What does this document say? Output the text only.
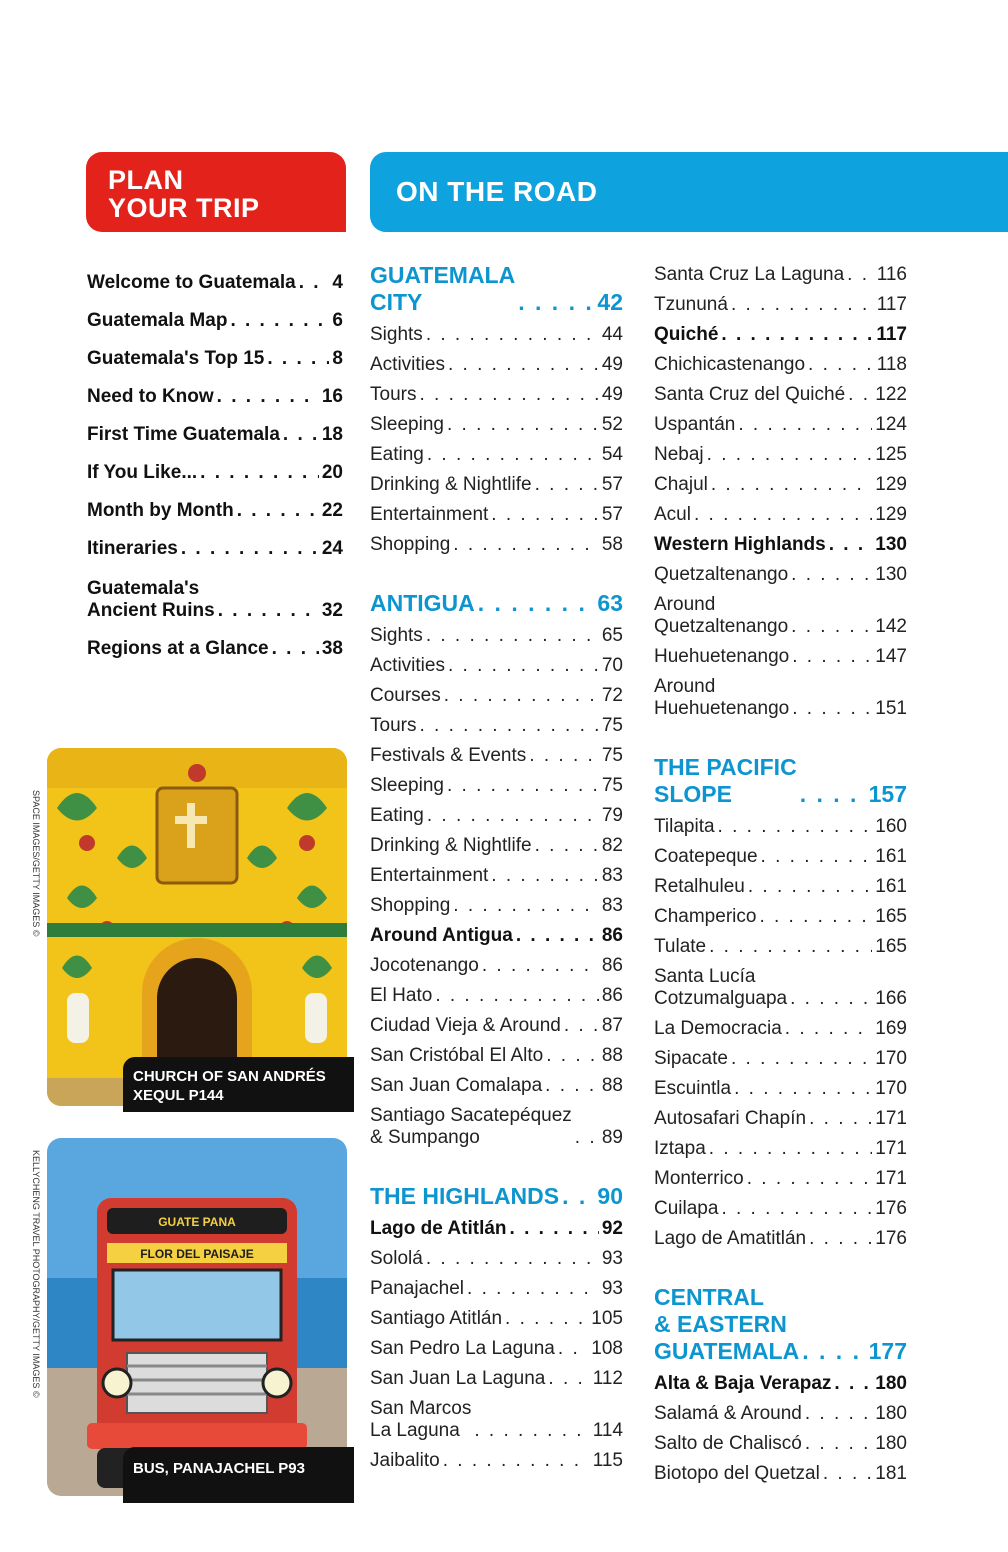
PLAN
YOUR TRIP
ON THE ROAD
Welcome to Guatemala . . . 4
Guatemala Map . . .	6
Guatemala's Top 15 . . .	8
Need to Know . . .	16
First Time Guatemala . . . 18
If You Like... . . .	20
Month by Month . . .	22
Itineraries . . .	24
Guatemala's
Ancient Ruins . . .	32
Regions at a Glance . . .	38
GUATEMALA
CITY . . .	42
Sights . . .	44
Activities . . .	49
Tours . . .	49
Sleeping . . .	52
Eating . . .	54
Drinking & Nightlife . . .	57
Entertainment . . .	57
Shopping . . .	58
ANTIGUA . . .	63
Sights . . .	65
Activities . . .	70
Courses . . .	72
Tours . . .	75
Festivals & Events . . .	75
Sleeping . . .	75
Eating . . .	79
Drinking & Nightlife . . .	82
Entertainment . . .	83
Shopping . . .	83
Around Antigua . . .	86
Jocotenango . . .	86
El Hato . . .	86
Ciudad Vieja & Around . . . 87
San Cristóbal El Alto . . .	88
San Juan Comalapa . . .	88
Santiago Sacatepéquez
& Sumpango . . .	89
THE HIGHLANDS . . . 90
Lago de Atitlán . . .	92
Sololá . . .	93
Panajachel . . .	93
Santiago Atitlán . . .	105
San Pedro La Laguna . . . 108
San Juan La Laguna . . . 112
San Marcos
La Laguna . . .	114
Jaibalito . . .	115
Santa Cruz La Laguna . . . 116
Tzununá . . .	117
Quiché . . .	117
Chichicastenango . . .	118
Santa Cruz del Quiché . . . 122
Uspantán . . .	124
Nebaj . . .	125
Chajul . . .	129
Acul . . .	129
Western Highlands . . .	130
Quetzaltenango . . .	130
Around
Quetzaltenango . . .	142
Huehuetenango . . .	147
Around
Huehuetenango . . .	151
THE PACIFIC
SLOPE . . .	157
Tilapita . . .	160
Coatepeque . . .	161
Retalhuleu . . .	161
Champerico . . .	165
Tulate . . .	165
Santa Lucía
Cotzumalguapa . . .	166
La Democracia . . .	169
Sipacate . . .	170
Escuintla . . .	170
Autosafari Chapín . . .	171
Iztapa . . .	171
Monterrico . . .	171
Cuilapa . . .	176
Lago de Amatitlán . . .	176
CENTRAL
& EASTERN
GUATEMALA . . .	177
Alta & Baja Verapaz . . . 180
Salamá & Around . . .	180
Salto de Chaliscó . . .	180
Biotopo del Quetzal . . .	181
CHURCH OF SAN ANDRÉS
XEQUL P144
SPACE IMAGES/GETTY IMAGES ©
GUATE PANA
FLOR DEL PAISAJE
BUS, PANAJACHEL P93
KELLYCHENG TRAVEL PHOTOGRAPHY/GETTY IMAGES ©
